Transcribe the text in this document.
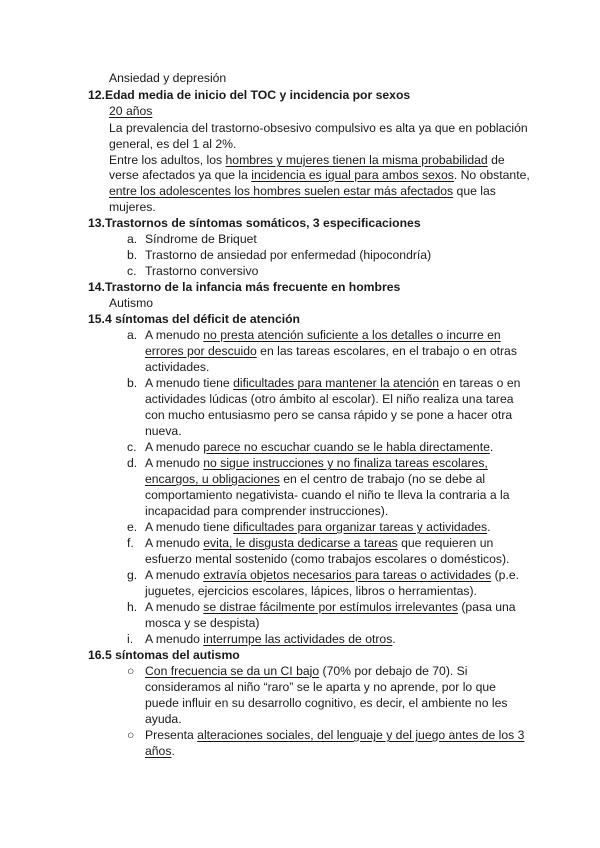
Ansiedad y depresión
12.Edad media de inicio del TOC y incidencia por sexos
20 años
La prevalencia del trastorno-obsesivo compulsivo es alta ya que en población
general, es del 1 al 2%.
Entre los adultos, los hombres y mujeres tienen la misma probabilidad de
verse afectados ya que la incidencia es igual para ambos sexos. No obstante,
entre los adolescentes los hombres suelen estar más afectados que las
mujeres.
13.Trastornos de síntomas somáticos, 3 especificaciones
a. Síndrome de Briquet
b. Trastorno de ansiedad por enfermedad (hipocondría)
c. Trastorno conversivo
14.Trastorno de la infancia más frecuente en hombres
Autismo
15.4 síntomas del déficit de atención
a. A menudo no presta atención suficiente a los detalles o incurre en
errores por descuido en las tareas escolares, en el trabajo o en otras
actividades.
b. A menudo tiene dificultades para mantener la atención en tareas o en
actividades lúdicas (otro ámbito al escolar). El niño realiza una tarea
con mucho entusiasmo pero se cansa rápido y se pone a hacer otra
nueva.
c. A menudo parece no escuchar cuando se le habla directamente.
d. A menudo no sigue instrucciones y no finaliza tareas escolares,
encargos, u obligaciones en el centro de trabajo (no se debe al
comportamiento negativista- cuando el niño te lleva la contraria a la
incapacidad para comprender instrucciones).
e. A menudo tiene dificultades para organizar tareas y actividades.
f. A menudo evita, le disgusta dedicarse a tareas que requieren un
esfuerzo mental sostenido (como trabajos escolares o domésticos).
g. A menudo extravía objetos necesarios para tareas o actividades (p.e.
juguetes, ejercicios escolares, lápices, libros o herramientas).
h. A menudo se distrae fácilmente por estímulos irrelevantes (pasa una
mosca y se despista)
i. A menudo interrumpe las actividades de otros.
16.5 síntomas del autismo
○ Con frecuencia se da un CI bajo (70% por debajo de 70). Si
consideramos al niño “raro” se le aparta y no aprende, por lo que
puede influir en su desarrollo cognitivo, es decir, el ambiente no les
ayuda.
○ Presenta alteraciones sociales, del lenguaje y del juego antes de los 3
años.
